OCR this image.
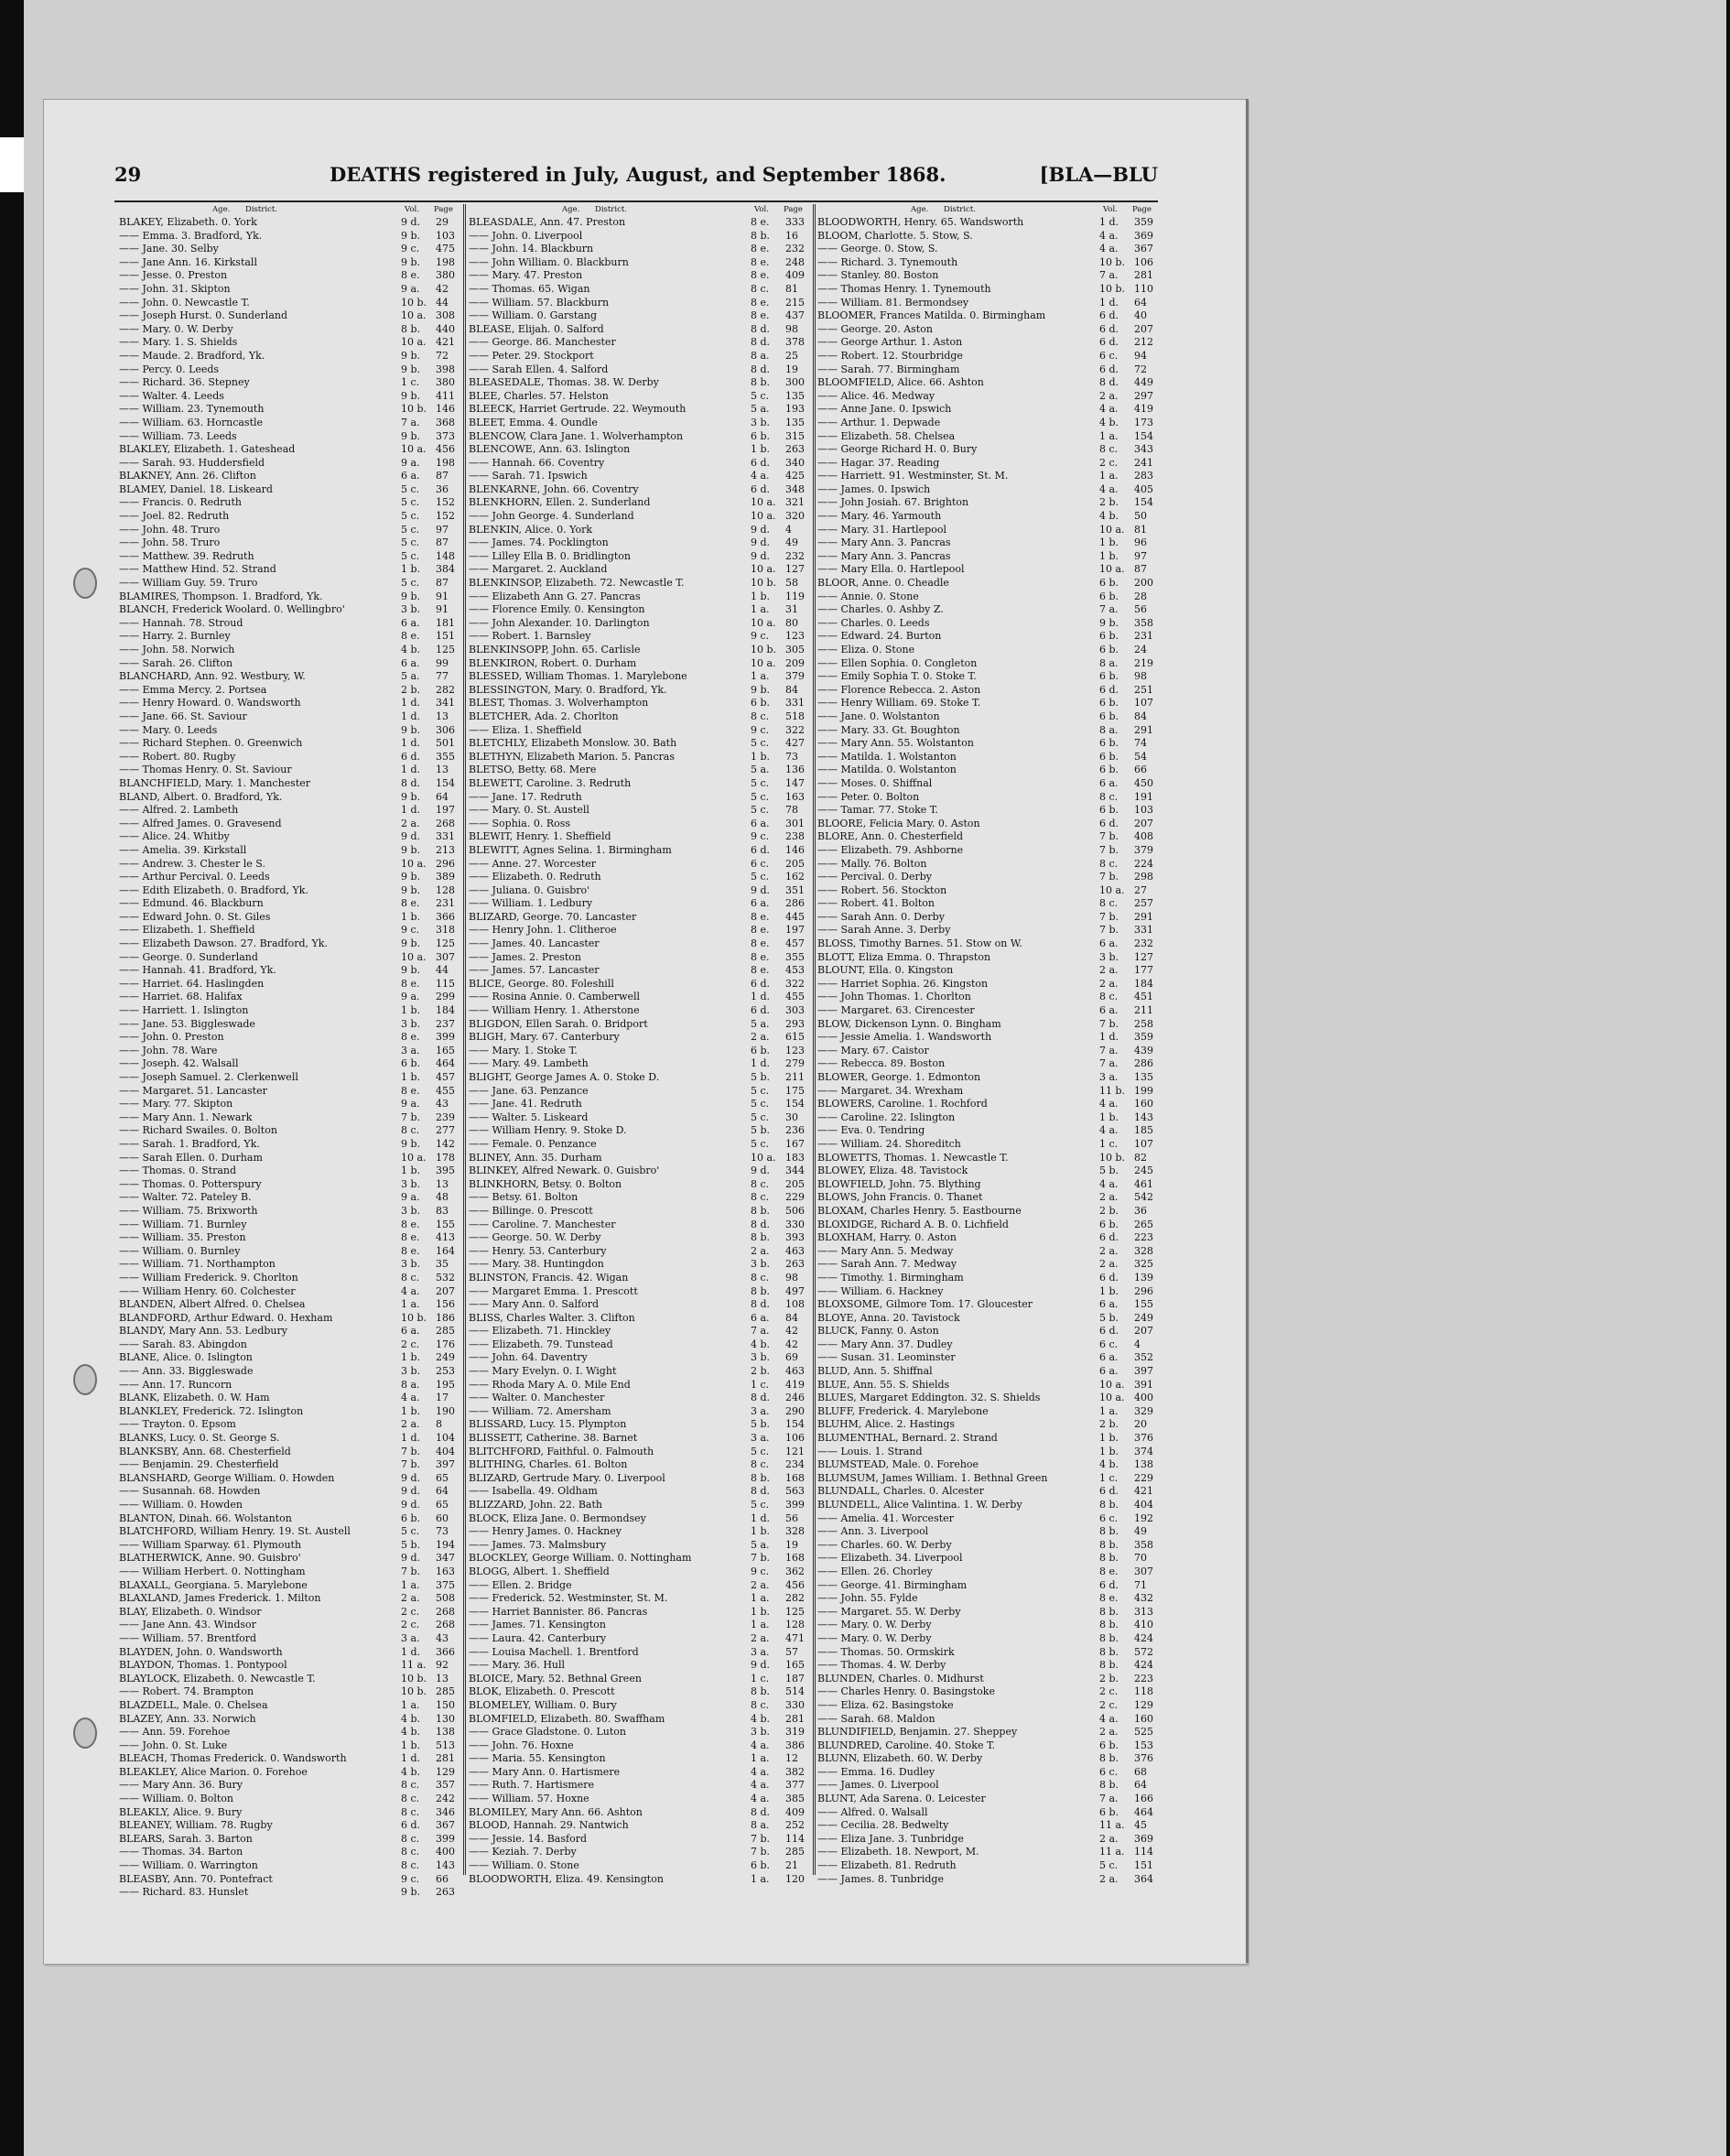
29	DEATHS registered in July, August, and September 1868.	[BLA—BLU
Age. District.	Vol. Page
BLAKEY, Elizabeth. 0. York	9 d.	29
—— Emma. 3. Bradford, Yk.	9 b.	103
—— Jane. 30. Selby	9 c.	475
—— Jane Ann. 16. Kirkstall	9 b.	198
—— Jesse. 0. Preston	8 e.	380
—— John. 31. Skipton	9 a.	42
—— John. 0. Newcastle T.	10 b. 44
—— Joseph Hurst. 0. Sunderland	10 a. 308
—— Mary. 0. W. Derby	8 b.	440
—— Mary. 1. S. Shields	10 a. 421
—— Maude. 2. Bradford, Yk.	9 b.	72
—— Percy. 0. Leeds	9 b.	398
—— Richard. 36. Stepney	1 c.	380
—— Walter. 4. Leeds	9 b.	411
—— William. 23. Tynemouth	10 b. 146
—— William. 63. Horncastle	7 a.	368
—— William. 73. Leeds	9 b.	373
BLAKLEY, Elizabeth. 1. Gateshead	10 a. 456
—— Sarah. 93. Huddersfield	9 a.	198
BLAKNEY, Ann. 26. Clifton	6 a.	87
BLAMEY, Daniel. 18. Liskeard	5 c.	36
—— Francis. 0. Redruth	5 c.	152
—— Joel. 82. Redruth	5 c.	152
—— John. 48. Truro	5 c.	97
—— John. 58. Truro	5 c.	87
—— Matthew. 39. Redruth	5 c.	148
—— Matthew Hind. 52. Strand	1 b.	384
—— William Guy. 59. Truro	5 c.	87
BLAMIRES, Thompson. 1. Bradford, Yk.	9 b.	91
BLANCH, Frederick Woolard. 0. Wellingbro'	3 b.	91
—— Hannah. 78. Stroud	6 a.	181
—— Harry. 2. Burnley	8 e.	151
—— John. 58. Norwich	4 b.	125
—— Sarah. 26. Clifton	6 a.	99
BLANCHARD, Ann. 92. Westbury, W.	5 a.	77
—— Emma Mercy. 2. Portsea	2 b.	282
—— Henry Howard. 0. Wandsworth	1 d.	341
—— Jane. 66. St. Saviour	1 d.	13
—— Mary. 0. Leeds	9 b.	306
—— Richard Stephen. 0. Greenwich	1 d.	501
—— Robert. 80. Rugby	6 d.	355
—— Thomas Henry. 0. St. Saviour	1 d.	13
BLANCHFIELD, Mary. 1. Manchester	8 d.	154
BLAND, Albert. 0. Bradford, Yk.	9 b.	64
—— Alfred. 2. Lambeth	1 d.	197
—— Alfred James. 0. Gravesend	2 a.	268
—— Alice. 24. Whitby	9 d.	331
—— Amelia. 39. Kirkstall	9 b.	213
—— Andrew. 3. Chester le S.	10 a. 296
—— Arthur Percival. 0. Leeds	9 b.	389
—— Edith Elizabeth. 0. Bradford, Yk.	9 b.	128
—— Edmund. 46. Blackburn	8 e.	231
—— Edward John. 0. St. Giles	1 b.	366
—— Elizabeth. 1. Sheffield	9 c.	318
—— Elizabeth Dawson. 27. Bradford, Yk.	9 b.	125
—— George. 0. Sunderland	10 a. 307
—— Hannah. 41. Bradford, Yk.	9 b.	44
—— Harriet. 64. Haslingden	8 e.	115
—— Harriet. 68. Halifax	9 a.	299
—— Harriett. 1. Islington	1 b.	184
—— Jane. 53. Biggleswade	3 b.	237
—— John. 0. Preston	8 e.	399
—— John. 78. Ware	3 a.	165
—— Joseph. 42. Walsall	6 b.	464
—— Joseph Samuel. 2. Clerkenwell	1 b.	457
—— Margaret. 51. Lancaster	8 e.	455
—— Mary. 77. Skipton	9 a.	43
—— Mary Ann. 1. Newark	7 b.	239
—— Richard Swailes. 0. Bolton	8 c.	277
—— Sarah. 1. Bradford, Yk.	9 b.	142
—— Sarah Ellen. 0. Durham	10 a. 178
—— Thomas. 0. Strand	1 b.	395
—— Thomas. 0. Potterspury	3 b.	13
—— Walter. 72. Pateley B.	9 a.	48
—— William. 75. Brixworth	3 b.	83
—— William. 71. Burnley	8 e.	155
—— William. 35. Preston	8 e.	413
—— William. 0. Burnley	8 e.	164
—— William. 71. Northampton	3 b.	35
—— William Frederick. 9. Chorlton	8 c.	532
—— William Henry. 60. Colchester	4 a.	207
BLANDEN, Albert Alfred. 0. Chelsea	1 a.	156
BLANDFORD, Arthur Edward. 0. Hexham	10 b. 186
BLANDY, Mary Ann. 53. Ledbury	6 a.	285
—— Sarah. 83. Abingdon	2 c.	176
BLANE, Alice. 0. Islington	1 b.	249
—— Ann. 33. Biggleswade	3 b.	253
—— Ann. 17. Runcorn	8 a.	195
BLANK, Elizabeth. 0. W. Ham	4 a.	17
BLANKLEY, Frederick. 72. Islington	1 b.	190
—— Trayton. 0. Epsom	2 a.	8
BLANKS, Lucy. 0. St. George S.	1 d.	104
BLANKSBY, Ann. 68. Chesterfield	7 b.	404
—— Benjamin. 29. Chesterfield	7 b.	397
BLANSHARD, George William. 0. Howden	9 d.	65
—— Susannah. 68. Howden	9 d.	64
—— William. 0. Howden	9 d.	65
BLANTON, Dinah. 66. Wolstanton	6 b.	60
BLATCHFORD, William Henry. 19. St. Austell	5 c.	73
—— William Sparway. 61. Plymouth	5 b.	194
BLATHERWICK, Anne. 90. Guisbro'	9 d.	347
—— William Herbert. 0. Nottingham	7 b.	163
BLAXALL, Georgiana. 5. Marylebone	1 a.	375
BLAXLAND, James Frederick. 1. Milton	2 a.	508
BLAY, Elizabeth. 0. Windsor	2 c.	268
—— Jane Ann. 43. Windsor	2 c.	268
—— William. 57. Brentford	3 a.	43
BLAYDEN, John. 0. Wandsworth	1 d.	366
BLAYDON, Thomas. 1. Pontypool	11 a. 92
BLAYLOCK, Elizabeth. 0. Newcastle T.	10 b. 13
—— Robert. 74. Brampton	10 b. 285
BLAZDELL, Male. 0. Chelsea	1 a.	150
BLAZEY, Ann. 33. Norwich	4 b.	130
—— Ann. 59. Forehoe	4 b.	138
—— John. 0. St. Luke	1 b.	513
BLEACH, Thomas Frederick. 0. Wandsworth	1 d.	281
BLEAKLEY, Alice Marion. 0. Forehoe	4 b.	129
—— Mary Ann. 36. Bury	8 c.	357
—— William. 0. Bolton	8 c.	242
BLEAKLY, Alice. 9. Bury	8 c.	346
BLEANEY, William. 78. Rugby	6 d.	367
BLEARS, Sarah. 3. Barton	8 c.	399
—— Thomas. 34. Barton	8 c.	400
—— William. 0. Warrington	8 c.	143
BLEASBY, Ann. 70. Pontefract	9 c.	66
—— Richard. 83. Hunslet	9 b.	263
Age. District.	Vol. Page
BLEASDALE, Ann. 47. Preston	8 e.	333
—— John. 0. Liverpool	8 b.	16
—— John. 14. Blackburn	8 e.	232
—— John William. 0. Blackburn	8 e.	248
—— Mary. 47. Preston	8 e.	409
—— Thomas. 65. Wigan	8 c.	81
—— William. 57. Blackburn	8 e.	215
—— William. 0. Garstang	8 e.	437
BLEASE, Elijah. 0. Salford	8 d.	98
—— George. 86. Manchester	8 d.	378
—— Peter. 29. Stockport	8 a.	25
—— Sarah Ellen. 4. Salford	8 d.	19
BLEASEDALE, Thomas. 38. W. Derby	8 b.	300
BLEE, Charles. 57. Helston	5 c.	135
BLEECK, Harriet Gertrude. 22. Weymouth	5 a.	193
BLEET, Emma. 4. Oundle	3 b.	135
BLENCOW, Clara Jane. 1. Wolverhampton	6 b.	315
BLENCOWE, Ann. 63. Islington	1 b.	263
—— Hannah. 66. Coventry	6 d.	340
—— Sarah. 71. Ipswich	4 a.	425
BLENKARNE, John. 66. Coventry	6 d.	348
BLENKHORN, Ellen. 2. Sunderland	10 a. 321
—— John George. 4. Sunderland	10 a. 320
BLENKIN, Alice. 0. York	9 d.	4
—— James. 74. Pocklington	9 d.	49
—— Lilley Ella B. 0. Bridlington	9 d.	232
—— Margaret. 2. Auckland	10 a. 127
BLENKINSOP, Elizabeth. 72. Newcastle T.	10 b. 58
—— Elizabeth Ann G. 27. Pancras	1 b.	119
—— Florence Emily. 0. Kensington	1 a.	31
—— John Alexander. 10. Darlington	10 a. 80
—— Robert. 1. Barnsley	9 c.	123
BLENKINSOPP, John. 65. Carlisle	10 b. 305
BLENKIRON, Robert. 0. Durham	10 a. 209
BLESSED, William Thomas. 1. Marylebone	1 a.	379
BLESSINGTON, Mary. 0. Bradford, Yk.	9 b.	84
BLEST, Thomas. 3. Wolverhampton	6 b.	331
BLETCHER, Ada. 2. Chorlton	8 c.	518
—— Eliza. 1. Sheffield	9 c.	322
BLETCHLY, Elizabeth Monslow. 30. Bath	5 c.	427
BLETHYN, Elizabeth Marion. 5. Pancras	1 b.	73
BLETSO, Betty. 68. Mere	5 a.	136
BLEWETT, Caroline. 3. Redruth	5 c.	147
—— Jane. 17. Redruth	5 c.	163
—— Mary. 0. St. Austell	5 c.	78
—— Sophia. 0. Ross	6 a.	301
BLEWIT, Henry. 1. Sheffield	9 c.	238
BLEWITT, Agnes Selina. 1. Birmingham	6 d.	146
—— Anne. 27. Worcester	6 c.	205
—— Elizabeth. 0. Redruth	5 c.	162
—— Juliana. 0. Guisbro'	9 d.	351
—— William. 1. Ledbury	6 a.	286
BLIZARD, George. 70. Lancaster	8 e.	445
—— Henry John. 1. Clitheroe	8 e.	197
—— James. 40. Lancaster	8 e.	457
—— James. 2. Preston	8 e.	355
—— James. 57. Lancaster	8 e.	453
BLICE, George. 80. Foleshill	6 d.	322
—— Rosina Annie. 0. Camberwell	1 d.	455
—— William Henry. 1. Atherstone	6 d.	303
BLIGDON, Ellen Sarah. 0. Bridport	5 a.	293
BLIGH, Mary. 67. Canterbury	2 a.	615
—— Mary. 1. Stoke T.	6 b.	123
—— Mary. 49. Lambeth	1 d.	279
BLIGHT, George James A. 0. Stoke D.	5 b.	211
—— Jane. 63. Penzance	5 c.	175
—— Jane. 41. Redruth	5 c.	154
—— Walter. 5. Liskeard	5 c.	30
—— William Henry. 9. Stoke D.	5 b.	236
—— Female. 0. Penzance	5 c.	167
BLINEY, Ann. 35. Durham	10 a. 183
BLINKEY, Alfred Newark. 0. Guisbro'	9 d.	344
BLINKHORN, Betsy. 0. Bolton	8 c.	205
—— Betsy. 61. Bolton	8 c.	229
—— Billinge. 0. Prescott	8 b.	506
—— Caroline. 7. Manchester	8 d.	330
—— George. 50. W. Derby	8 b.	393
—— Henry. 53. Canterbury	2 a.	463
—— Mary. 38. Huntingdon	3 b.	263
BLINSTON, Francis. 42. Wigan	8 c.	98
—— Margaret Emma. 1. Prescott	8 b.	497
—— Mary Ann. 0. Salford	8 d.	108
BLISS, Charles Walter. 3. Clifton	6 a.	84
—— Elizabeth. 71. Hinckley	7 a.	42
—— Elizabeth. 79. Tunstead	4 b.	42
—— John. 64. Daventry	3 b.	69
—— Mary Evelyn. 0. I. Wight	2 b.	463
—— Rhoda Mary A. 0. Mile End	1 c.	419
—— Walter. 0. Manchester	8 d.	246
—— William. 72. Amersham	3 a.	290
BLISSARD, Lucy. 15. Plympton	5 b.	154
BLISSETT, Catherine. 38. Barnet	3 a.	106
BLITCHFORD, Faithful. 0. Falmouth	5 c.	121
BLITHING, Charles. 61. Bolton	8 c.	234
BLIZARD, Gertrude Mary. 0. Liverpool	8 b.	168
—— Isabella. 49. Oldham	8 d.	563
BLIZZARD, John. 22. Bath	5 c.	399
BLOCK, Eliza Jane. 0. Bermondsey	1 d.	56
—— Henry James. 0. Hackney	1 b.	328
—— James. 73. Malmsbury	5 a.	19
BLOCKLEY, George William. 0. Nottingham	7 b.	168
BLOGG, Albert. 1. Sheffield	9 c.	362
—— Ellen. 2. Bridge	2 a.	456
—— Frederick. 52. Westminster, St. M.	1 a.	282
—— Harriet Bannister. 86. Pancras	1 b.	125
—— James. 71. Kensington	1 a.	128
—— Laura. 42. Canterbury	2 a.	471
—— Louisa Machell. 1. Brentford	3 a.	57
—— Mary. 36. Hull	9 d.	165
BLOICE, Mary. 52. Bethnal Green	1 c.	187
BLOK, Elizabeth. 0. Prescott	8 b.	514
BLOMELEY, William. 0. Bury	8 c.	330
BLOMFIELD, Elizabeth. 80. Swaffham	4 b.	281
—— Grace Gladstone. 0. Luton	3 b.	319
—— John. 76. Hoxne	4 a.	386
—— Maria. 55. Kensington	1 a.	12
—— Mary Ann. 0. Hartismere	4 a.	382
—— Ruth. 7. Hartismere	4 a.	377
—— William. 57. Hoxne	4 a.	385
BLOMILEY, Mary Ann. 66. Ashton	8 d.	409
BLOOD, Hannah. 29. Nantwich	8 a.	252
—— Jessie. 14. Basford	7 b.	114
—— Keziah. 7. Derby	7 b.	285
—— William. 0. Stone	6 b.	21
BLOODWORTH, Eliza. 49. Kensington	1 a.	120
Age. District.	Vol. Page
BLOODWORTH, Henry. 65. Wandsworth	1 d.	359
BLOOM, Charlotte. 5. Stow, S.	4 a.	369
—— George. 0. Stow, S.	4 a.	367
—— Richard. 3. Tynemouth	10 b. 106
—— Stanley. 80. Boston	7 a.	281
—— Thomas Henry. 1. Tynemouth	10 b. 110
—— William. 81. Bermondsey	1 d.	64
BLOOMER, Frances Matilda. 0. Birmingham	6 d.	40
—— George. 20. Aston	6 d.	207
—— George Arthur. 1. Aston	6 d.	212
—— Robert. 12. Stourbridge	6 c.	94
—— Sarah. 77. Birmingham	6 d.	72
BLOOMFIELD, Alice. 66. Ashton	8 d.	449
—— Alice. 46. Medway	2 a.	297
—— Anne Jane. 0. Ipswich	4 a.	419
—— Arthur. 1. Depwade	4 b.	173
—— Elizabeth. 58. Chelsea	1 a.	154
—— George Richard H. 0. Bury	8 c.	343
—— Hagar. 37. Reading	2 c.	241
—— Harriett. 91. Westminster, St. M.	1 a.	283
—— James. 0. Ipswich	4 a.	405
—— John Josiah. 67. Brighton	2 b.	154
—— Mary. 46. Yarmouth	4 b.	50
—— Mary. 31. Hartlepool	10 a. 81
—— Mary Ann. 3. Pancras	1 b.	96
—— Mary Ann. 3. Pancras	1 b.	97
—— Mary Ella. 0. Hartlepool	10 a. 87
BLOOR, Anne. 0. Cheadle	6 b.	200
—— Annie. 0. Stone	6 b.	28
—— Charles. 0. Ashby Z.	7 a.	56
—— Charles. 0. Leeds	9 b.	358
—— Edward. 24. Burton	6 b.	231
—— Eliza. 0. Stone	6 b.	24
—— Ellen Sophia. 0. Congleton	8 a.	219
—— Emily Sophia T. 0. Stoke T.	6 b.	98
—— Florence Rebecca. 2. Aston	6 d.	251
—— Henry William. 69. Stoke T.	6 b.	107
—— Jane. 0. Wolstanton	6 b.	84
—— Mary. 33. Gt. Boughton	8 a.	291
—— Mary Ann. 55. Wolstanton	6 b.	74
—— Matilda. 1. Wolstanton	6 b.	54
—— Matilda. 0. Wolstanton	6 b.	66
—— Moses. 0. Shiffnal	6 a.	450
—— Peter. 0. Bolton	8 c.	191
—— Tamar. 77. Stoke T.	6 b.	103
BLOORE, Felicia Mary. 0. Aston	6 d.	207
BLORE, Ann. 0. Chesterfield	7 b.	408
—— Elizabeth. 79. Ashborne	7 b.	379
—— Mally. 76. Bolton	8 c.	224
—— Percival. 0. Derby	7 b.	298
—— Robert. 56. Stockton	10 a. 27
—— Robert. 41. Bolton	8 c.	257
—— Sarah Ann. 0. Derby	7 b.	291
—— Sarah Anne. 3. Derby	7 b.	331
BLOSS, Timothy Barnes. 51. Stow on W.	6 a.	232
BLOTT, Eliza Emma. 0. Thrapston	3 b.	127
BLOUNT, Ella. 0. Kingston	2 a.	177
—— Harriet Sophia. 26. Kingston	2 a.	184
—— John Thomas. 1. Chorlton	8 c.	451
—— Margaret. 63. Cirencester	6 a.	211
BLOW, Dickenson Lynn. 0. Bingham	7 b.	258
—— Jessie Amelia. 1. Wandsworth	1 d.	359
—— Mary. 67. Caistor	7 a.	439
—— Rebecca. 89. Boston	7 a.	286
BLOWER, George. 1. Edmonton	3 a.	135
—— Margaret. 34. Wrexham	11 b. 199
BLOWERS, Caroline. 1. Rochford	4 a.	160
—— Caroline. 22. Islington	1 b.	143
—— Eva. 0. Tendring	4 a.	185
—— William. 24. Shoreditch	1 c.	107
BLOWETTS, Thomas. 1. Newcastle T.	10 b. 82
BLOWEY, Eliza. 48. Tavistock	5 b.	245
BLOWFIELD, John. 75. Blything	4 a.	461
BLOWS, John Francis. 0. Thanet	2 a.	542
BLOXAM, Charles Henry. 5. Eastbourne	2 b.	36
BLOXIDGE, Richard A. B. 0. Lichfield	6 b.	265
BLOXHAM, Harry. 0. Aston	6 d.	223
—— Mary Ann. 5. Medway	2 a.	328
—— Sarah Ann. 7. Medway	2 a.	325
—— Timothy. 1. Birmingham	6 d.	139
—— William. 6. Hackney	1 b.	296
BLOXSOME, Gilmore Tom. 17. Gloucester	6 a.	155
BLOYE, Anna. 20. Tavistock	5 b.	249
BLUCK, Fanny. 0. Aston	6 d.	207
—— Mary Ann. 37. Dudley	6 c.	4
—— Susan. 31. Leominster	6 a.	352
BLUD, Ann. 5. Shiffnal	6 a.	397
BLUE, Ann. 55. S. Shields	10 a. 391
BLUES, Margaret Eddington. 32. S. Shields	10 a. 400
BLUFF, Frederick. 4. Marylebone	1 a.	329
BLUHM, Alice. 2. Hastings	2 b.	20
BLUMENTHAL, Bernard. 2. Strand	1 b.	376
—— Louis. 1. Strand	1 b.	374
BLUMSTEAD, Male. 0. Forehoe	4 b.	138
BLUMSUM, James William. 1. Bethnal Green	1 c.	229
BLUNDALL, Charles. 0. Alcester	6 d.	421
BLUNDELL, Alice Valintina. 1. W. Derby	8 b.	404
—— Amelia. 41. Worcester	6 c.	192
—— Ann. 3. Liverpool	8 b.	49
—— Charles. 60. W. Derby	8 b.	358
—— Elizabeth. 34. Liverpool	8 b.	70
—— Ellen. 26. Chorley	8 e.	307
—— George. 41. Birmingham	6 d.	71
—— John. 55. Fylde	8 e.	432
—— Margaret. 55. W. Derby	8 b.	313
—— Mary. 0. W. Derby	8 b.	410
—— Mary. 0. W. Derby	8 b.	424
—— Thomas. 50. Ormskirk	8 b.	572
—— Thomas. 4. W. Derby	8 b.	424
BLUNDEN, Charles. 0. Midhurst	2 b.	223
—— Charles Henry. 0. Basingstoke	2 c.	118
—— Eliza. 62. Basingstoke	2 c.	129
—— Sarah. 68. Maldon	4 a.	160
BLUNDIFIELD, Benjamin. 27. Sheppey	2 a.	525
BLUNDRED, Caroline. 40. Stoke T.	6 b.	153
BLUNN, Elizabeth. 60. W. Derby	8 b.	376
—— Emma. 16. Dudley	6 c.	68
—— James. 0. Liverpool	8 b.	64
BLUNT, Ada Sarena. 0. Leicester	7 a.	166
—— Alfred. 0. Walsall	6 b.	464
—— Cecilia. 28. Bedwelty	11 a. 45
—— Eliza Jane. 3. Tunbridge	2 a.	369
—— Elizabeth. 18. Newport, M.	11 a. 114
—— Elizabeth. 81. Redruth	5 c.	151
—— James. 8. Tunbridge	2 a.	364
